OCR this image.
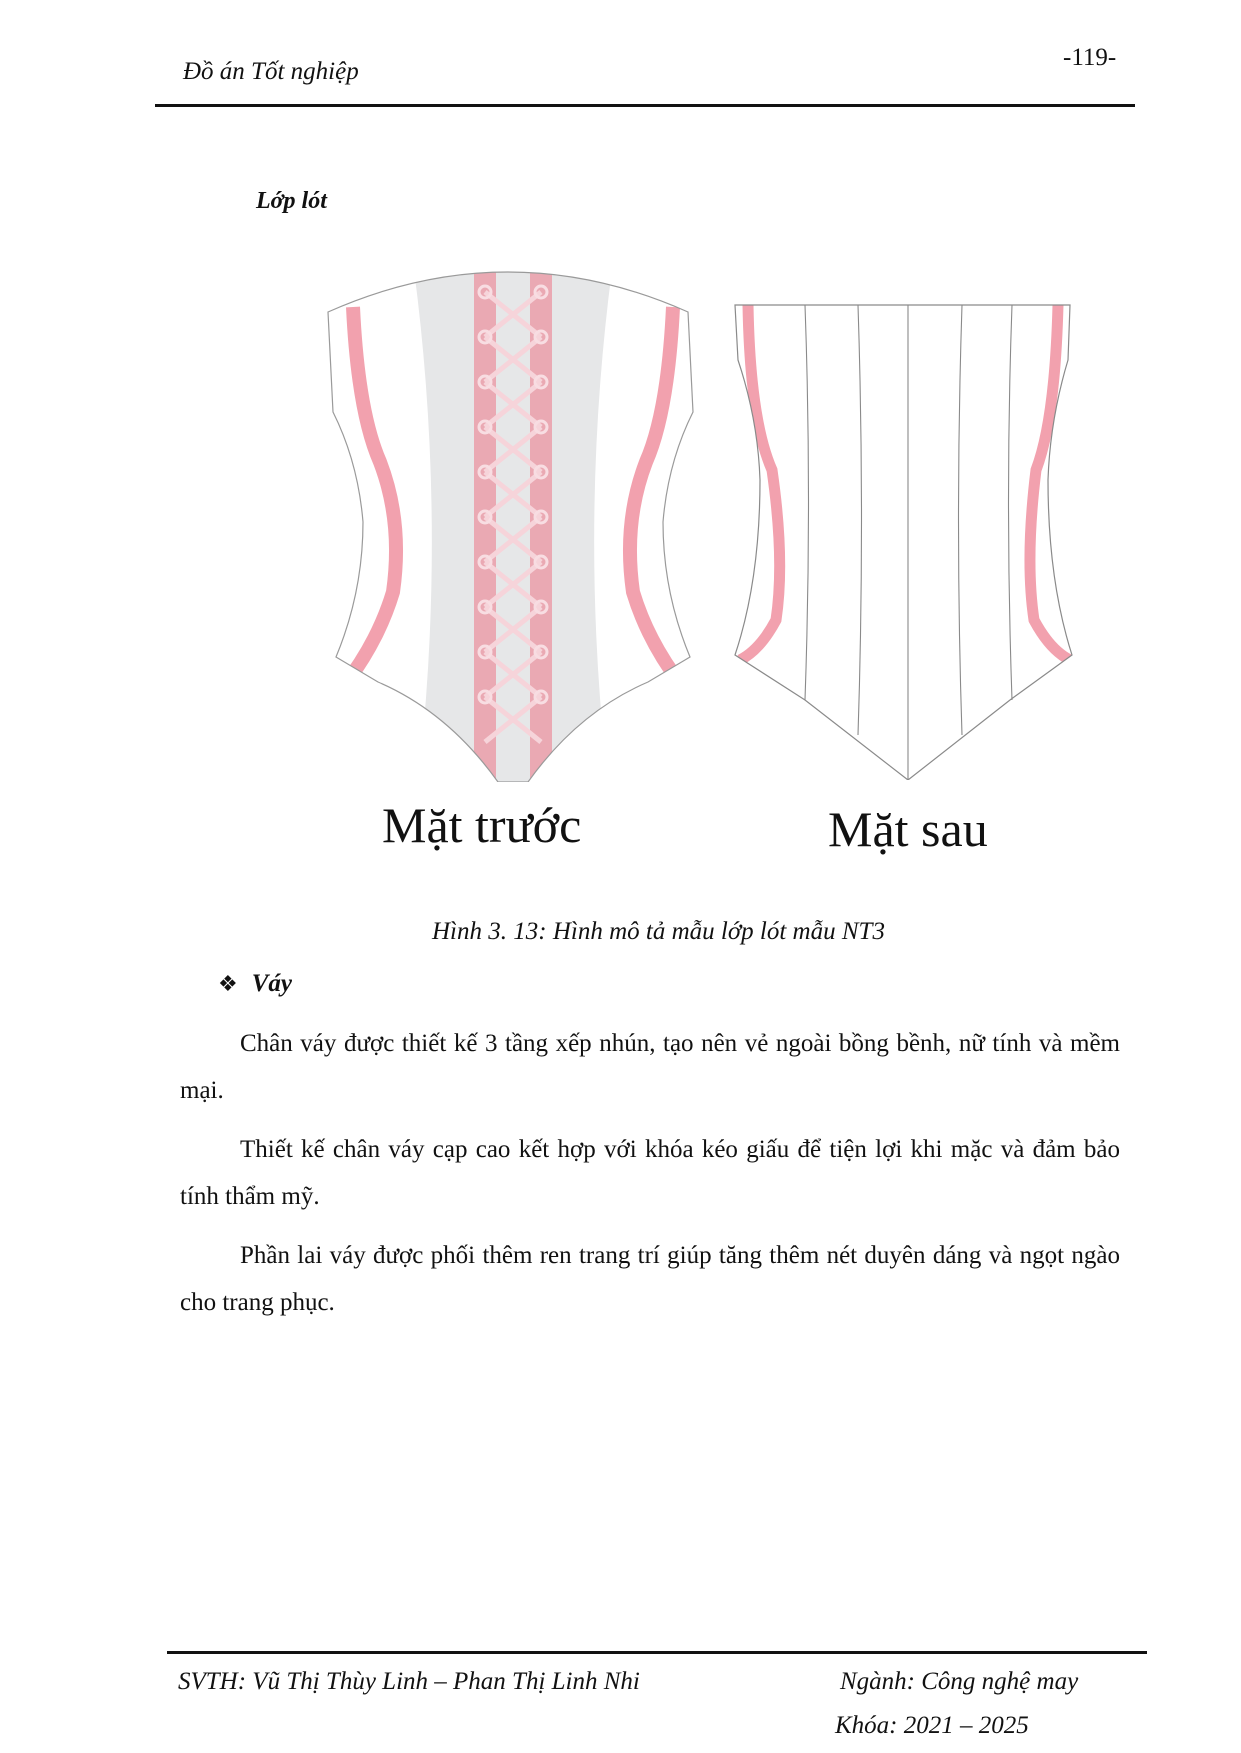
Đồ án Tốt nghiệp
-119-
Lớp lót
Mặt trước	Mặt sau
Hình 3. 13: Hình mô tả mẫu lớp lót mẫu NT3
❖ Váy
Chân váy được thiết kế 3 tầng xếp nhún, tạo nên vẻ ngoài bồng bềnh, nữ tính và mềm mại.
Thiết kế chân váy cạp cao kết hợp với khóa kéo giấu để tiện lợi khi mặc và đảm bảo tính thẩm mỹ.
Phần lai váy được phối thêm ren trang trí giúp tăng thêm nét duyên dáng và ngọt ngào cho trang phục.
SVTH: Vũ Thị Thùy Linh – Phan Thị Linh Nhi	Ngành: Công nghệ may
Khóa: 2021 – 2025
